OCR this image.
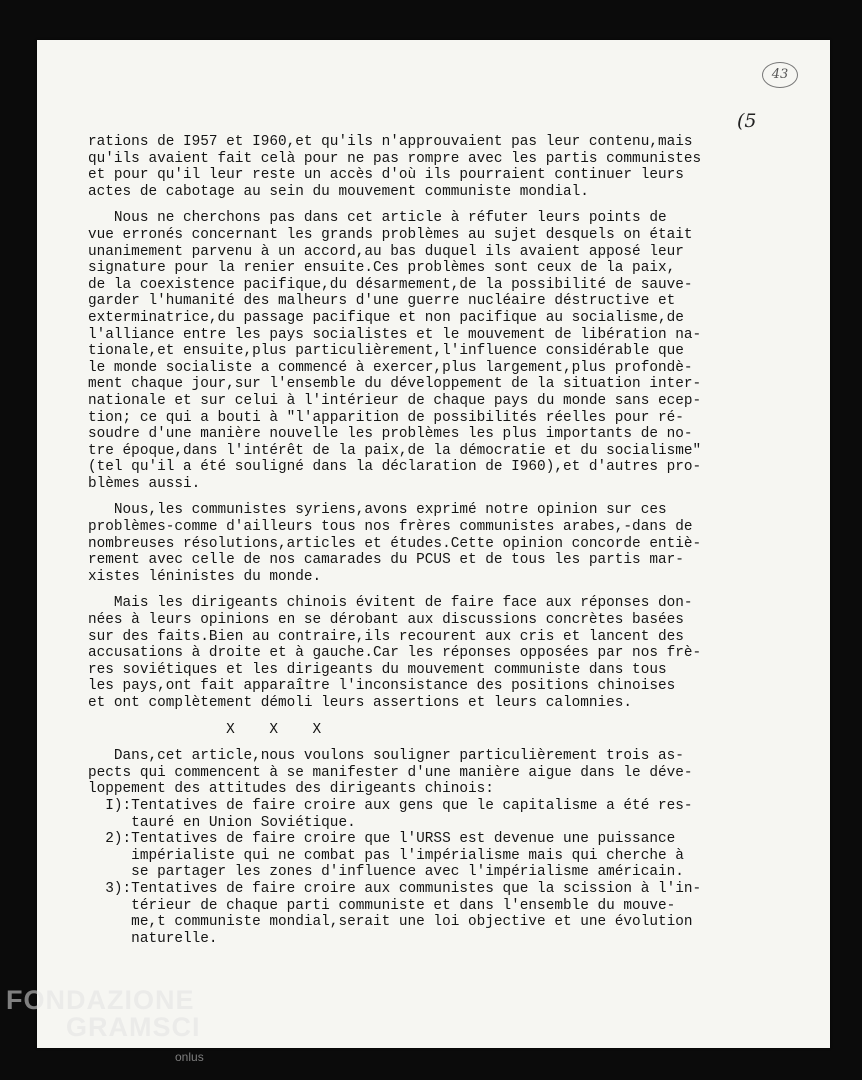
43
(5
rations de I957 et I960,et qu'ils n'approuvaient pas leur contenu,mais
qu'ils avaient fait celà pour ne pas rompre avec les partis communistes
et pour qu'il leur reste un accès d'où ils pourraient continuer leurs
actes de cabotage au sein du mouvement communiste mondial.
Nous ne cherchons pas dans cet article à réfuter leurs points de
vue erronés concernant les grands problèmes au sujet desquels on était
unanimement parvenu à un accord,au bas duquel ils avaient apposé leur
signature pour la renier ensuite.Ces problèmes sont ceux de la paix,
de la coexistence pacifique,du désarmement,de la possibilité de sauve-
garder l'humanité des malheurs d'une guerre nucléaire déstructive et
exterminatrice,du passage pacifique et non pacifique au socialisme,de
l'alliance entre les pays socialistes et le mouvement de libération na-
tionale,et ensuite,plus particulièrement,l'influence considérable que
le monde socialiste a commencé à exercer,plus largement,plus profondè-
ment chaque jour,sur l'ensemble du développement de la situation inter-
nationale et sur celui à l'intérieur de chaque pays du monde sans ecep-
tion; ce qui a bouti à "l'apparition de possibilités réelles pour ré-
soudre d'une manière nouvelle les problèmes les plus importants de no-
tre époque,dans l'intérêt de la paix,de la démocratie et du socialisme"
(tel qu'il a été souligné dans la déclaration de I960),et d'autres pro-
blèmes aussi.
Nous,les communistes syriens,avons exprimé notre opinion sur ces
problèmes-comme d'ailleurs tous nos frères communistes arabes,-dans de
nombreuses résolutions,articles et études.Cette opinion concorde entiè-
rement avec celle de nos camarades du PCUS et de tous les partis mar-
xistes léninistes du monde.
Mais les dirigeants chinois évitent de faire face aux réponses don-
nées à leurs opinions en se dérobant aux discussions concrètes basées
sur des faits.Bien au contraire,ils recourent aux cris et lancent des
accusations à droite et à gauche.Car les réponses opposées par nos frè-
res soviétiques et les dirigeants du mouvement communiste dans tous
les pays,ont fait apparaître l'inconsistance des positions chinoises
et ont complètement démoli leurs assertions et leurs calomnies.
X    X    X
Dans,cet article,nous voulons souligner particulièrement trois as-
pects qui commencent à se manifester d'une manière aigue dans le déve-
loppement des attitudes des dirigeants chinois:
I):Tentatives de faire croire aux gens que le capitalisme a été res-
tauré en Union Soviétique.
2):Tentatives de faire croire que l'URSS est devenue une puissance
impérialiste qui ne combat pas l'impérialisme mais qui cherche à
se partager les zones d'influence avec l'impérialisme américain.
3):Tentatives de faire croire aux communistes que la scission à l'in-
térieur de chaque parti communiste et dans l'ensemble du mouve-
me,t communiste mondial,serait une loi objective et une évolution
naturelle.
FONDAZIONE
GRAMSCI
onlus
